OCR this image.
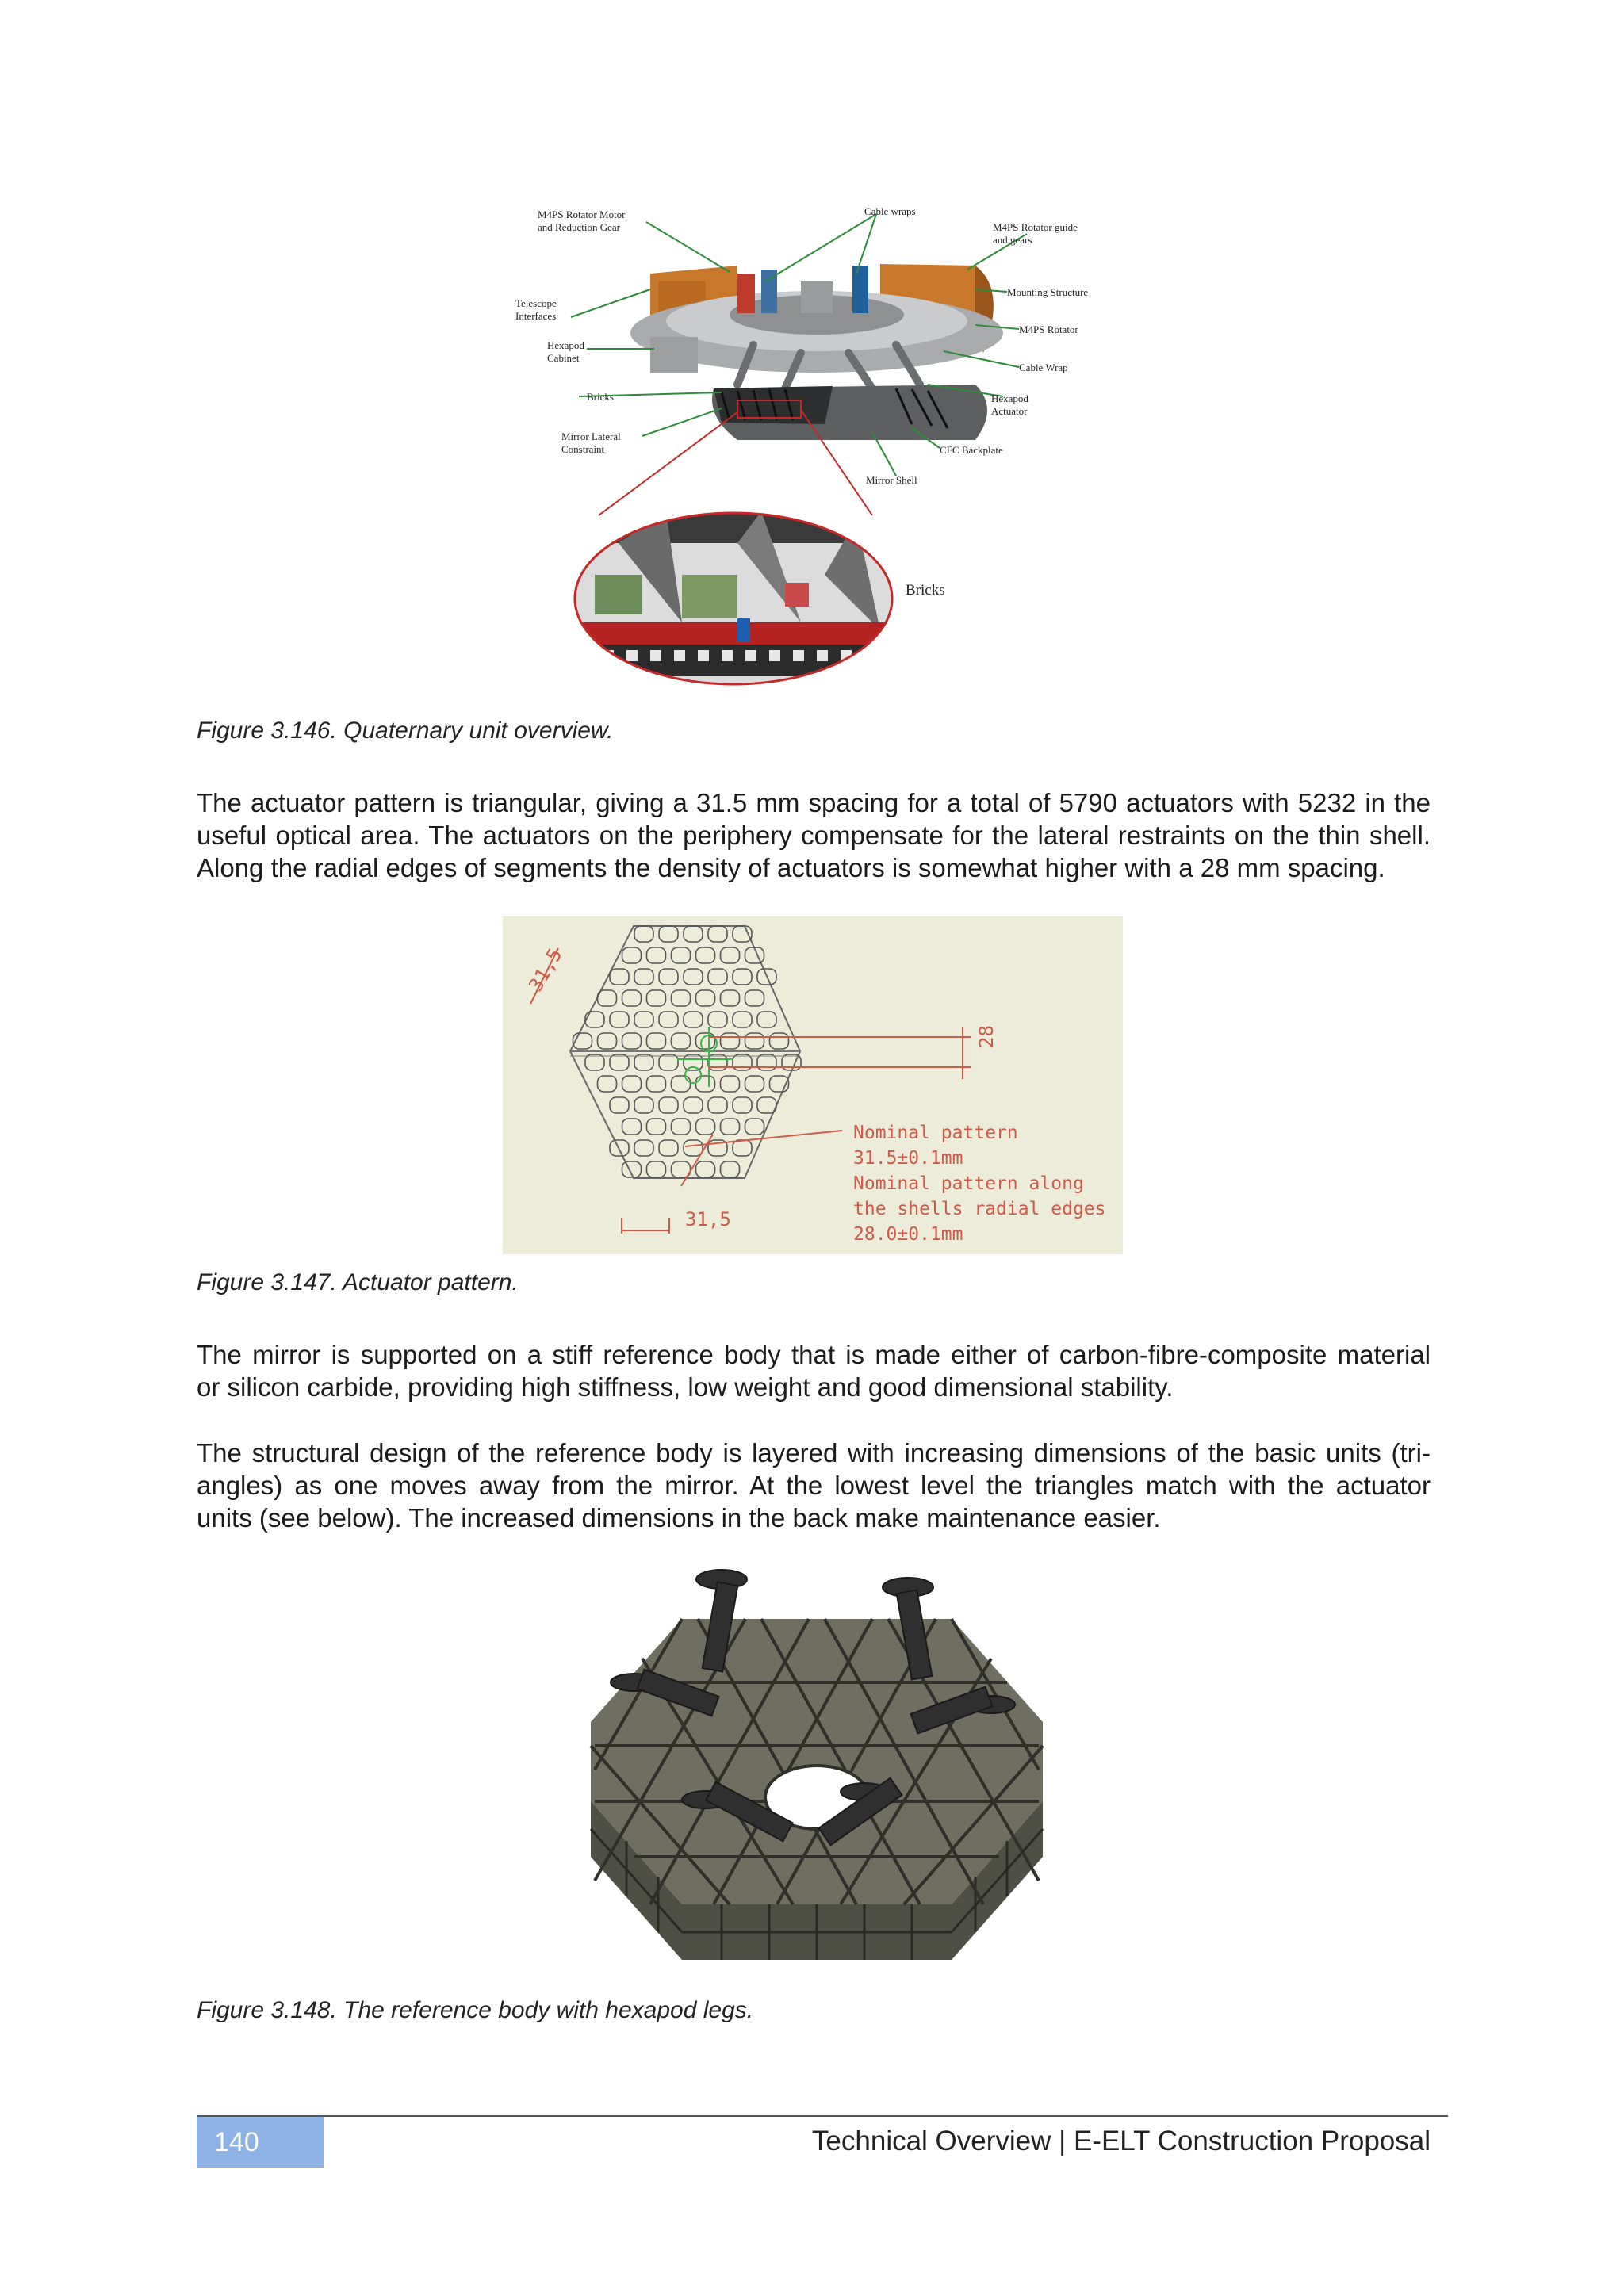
M4PS Rotator Motor
and Reduction Gear
Cable wraps
M4PS Rotator guide
and gears
Telescope
Interfaces
Mounting Structure
M4PS Rotator
Hexapod
Cabinet
Cable Wrap
Bricks	Hexapod
Actuator
Mirror Lateral
Constraint	CFC Backplate
Mirror Shell
Bricks
Figure 3.146. Quaternary unit overview.
The actuator pattern is triangular, giving a 31.5 mm spacing for a total of 5790 actuators with 5232 in the
useful optical area. The actuators on the periphery compensate for the lateral restraints on the thin shell.
Along the radial edges of segments the density of actuators is somewhat higher with a 28 mm spacing.
31,5
28
31,5
Nominal pattern
31.5±0.1mm
Nominal pattern along
the shells radial edges
28.0±0.1mm
Figure 3.147. Actuator pattern.
The mirror is supported on a stiff reference body that is made either of carbon-fibre-composite material
or silicon carbide, providing high stiffness, low weight and good dimensional stability.
The structural design of the reference body is layered with increasing dimensions of the basic units (tri-
angles) as one moves away from the mirror. At the lowest level the triangles match with the actuator
units (see below). The increased dimensions in the back make maintenance easier.
Figure 3.148. The reference body with hexapod legs.
140	Technical Overview | E-ELT Construction Proposal
